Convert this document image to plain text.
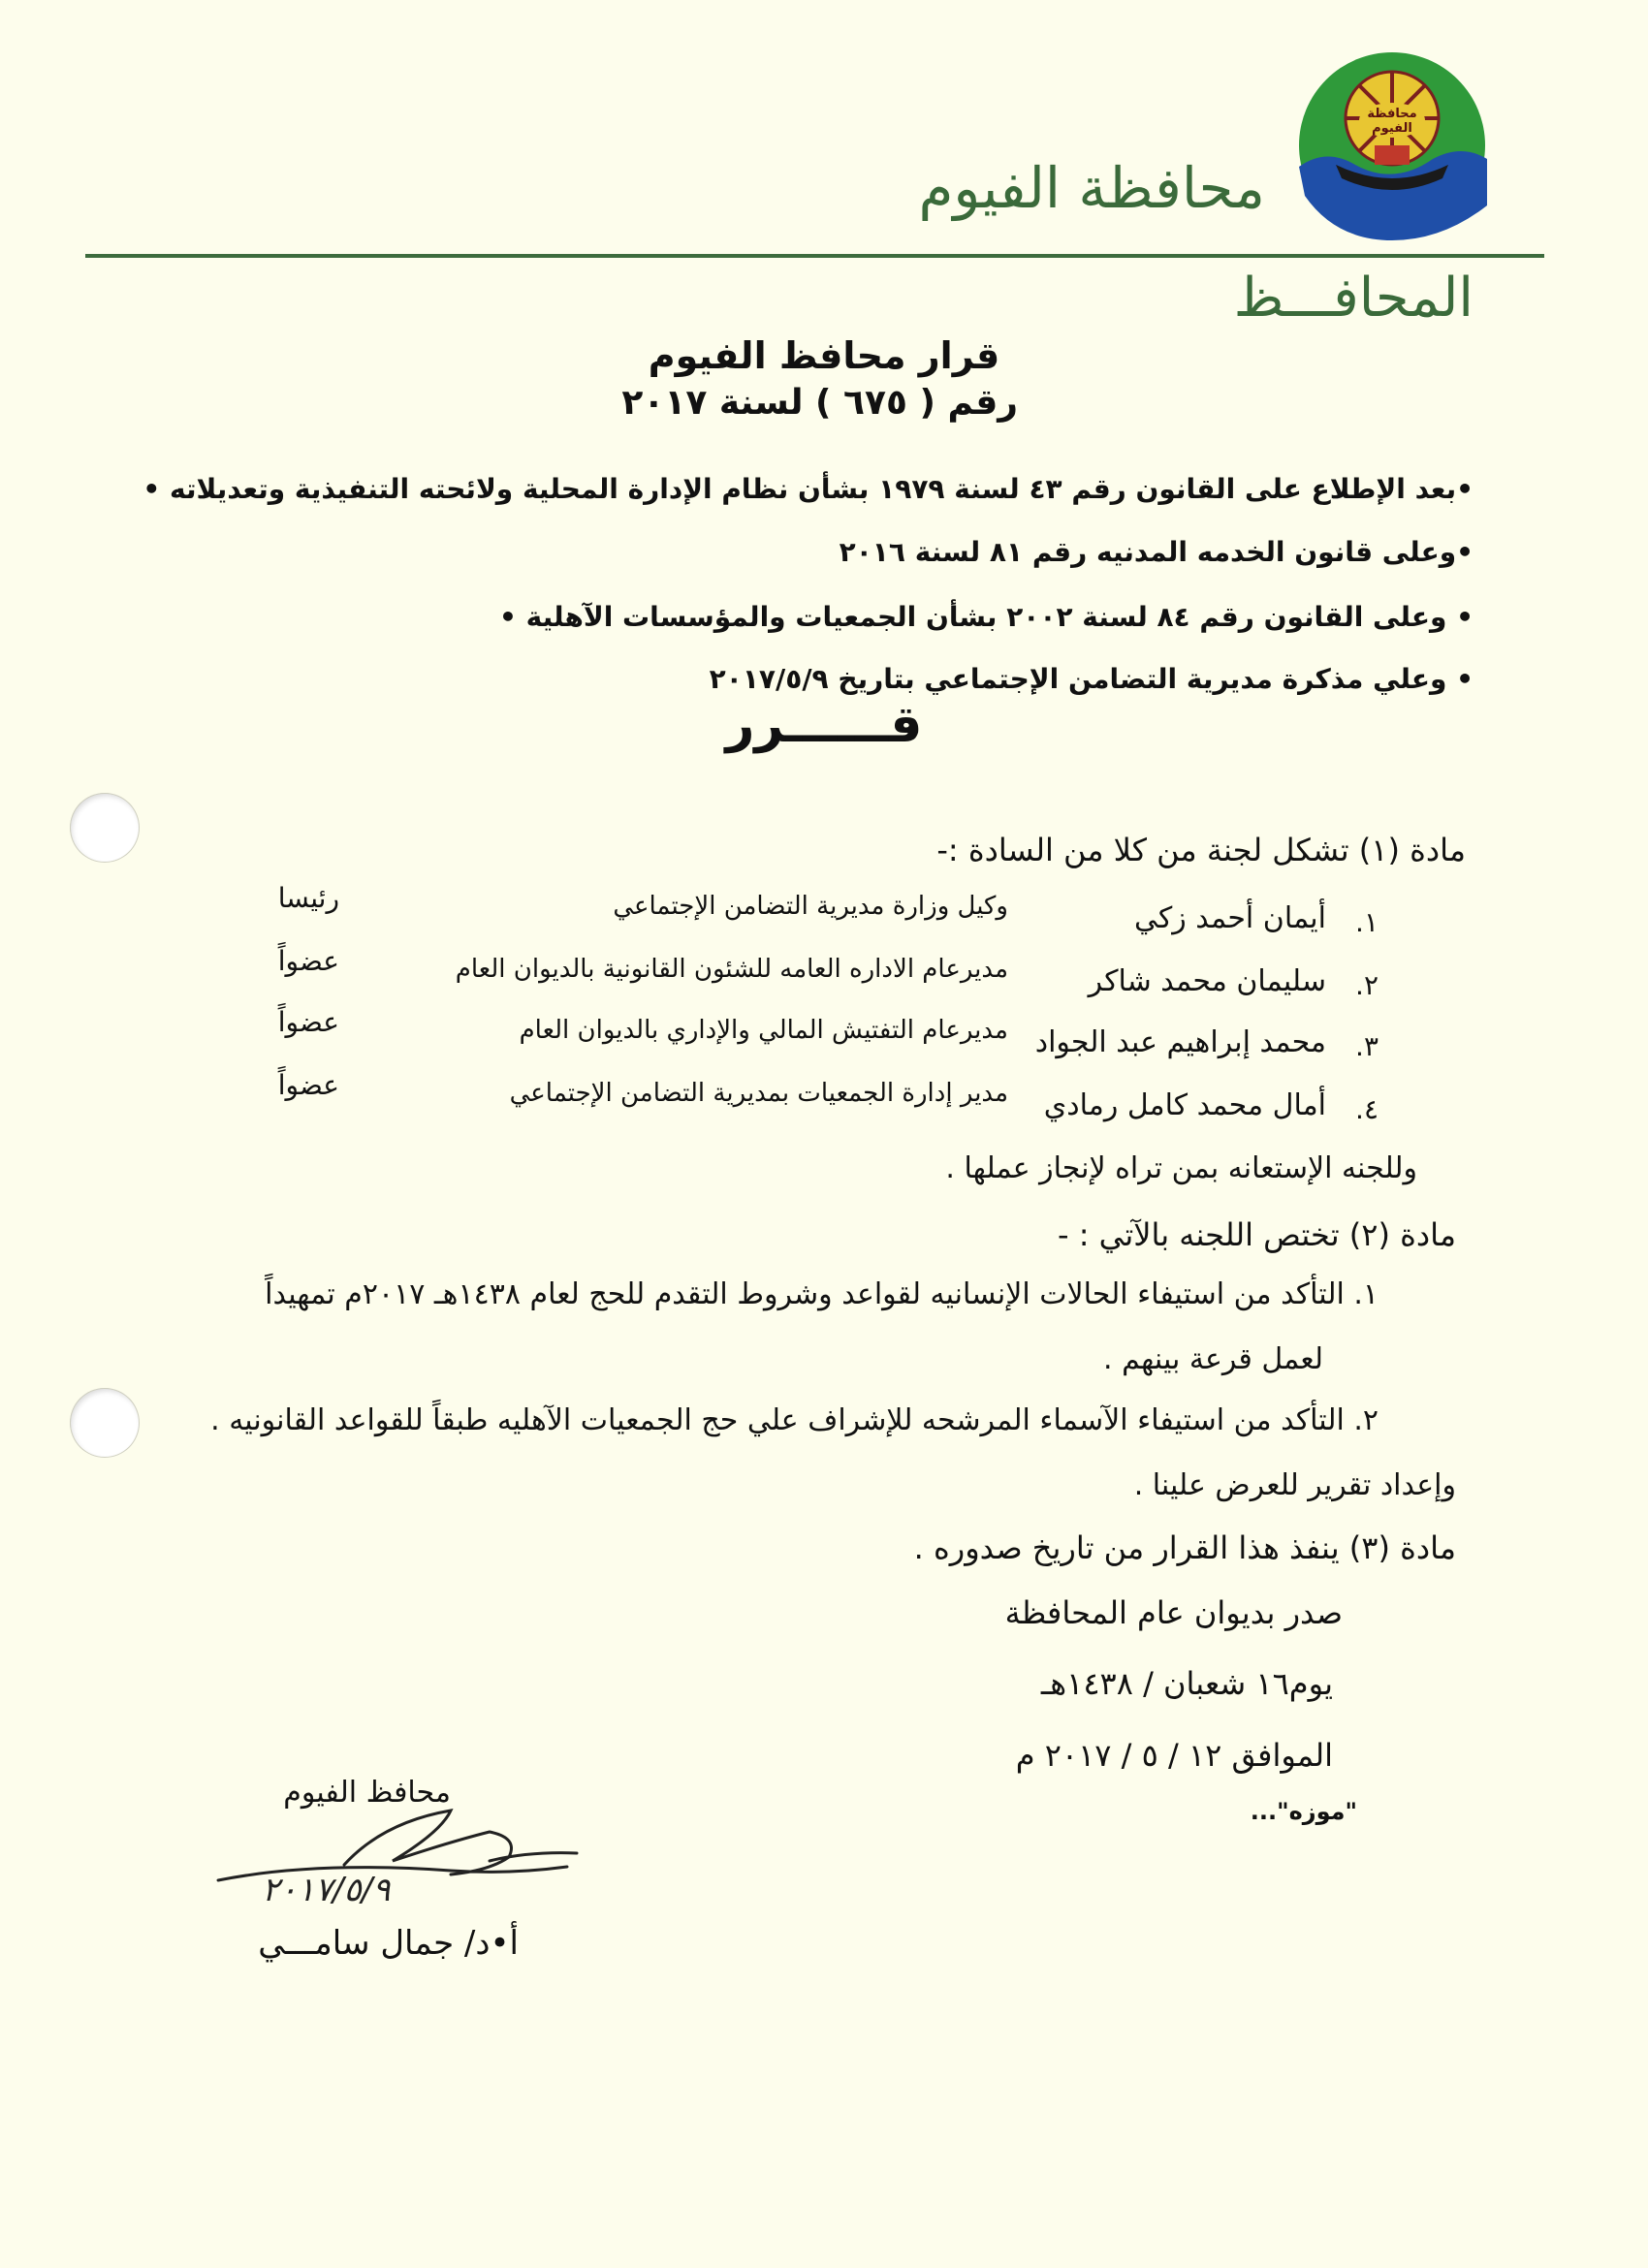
محافظة الفيوم
محافظة الفيوم
المحافـــظ
قرار محافظ الفيوم
رقم ( ٦٧٥ ) لسنة ٢٠١٧
•بعد الإطلاع على القانون رقم ٤٣ لسنة ١٩٧٩ بشأن نظام الإدارة المحلية ولائحته التنفيذية وتعديلاته •
•وعلى قانون الخدمه المدنيه رقم ٨١ لسنة ٢٠١٦
• وعلى القانون رقم ٨٤ لسنة ٢٠٠٢ بشأن الجمعيات والمؤسسات الآهلية •
• وعلي مذكرة مديرية التضامن الإجتماعي بتاريخ ٢٠١٧/٥/٩
قــــــرر
مادة (١) تشكل لجنة من كلا من السادة :-
١.
أيمان أحمد زكي
وكيل وزارة مديرية التضامن الإجتماعي
رئيسا
٢.
سليمان محمد شاكر
مديرعام الاداره العامه للشئون القانونية بالديوان العام
عضواً
٣.
محمد إبراهيم عبد الجواد
مديرعام التفتيش المالي والإداري بالديوان العام
عضواً
٤.
أمال محمد كامل رمادي
مدير إدارة الجمعيات بمديرية التضامن الإجتماعي
عضواً
وللجنه الإستعانه بمن تراه لإنجاز عملها .
مادة (٢) تختص اللجنه بالآتي : -
١. التأكد من استيفاء الحالات الإنسانيه لقواعد وشروط التقدم للحج لعام ١٤٣٨هـ ٢٠١٧م تمهيداً
لعمل قرعة بينهم .
٢. التأكد من استيفاء الآسماء المرشحه للإشراف علي حج الجمعيات الآهليه طبقاً للقواعد القانونيه .
وإعداد تقرير للعرض علينا .
مادة (٣) ينفذ هذا القرار من تاريخ صدوره .
صدر بديوان عام المحافظة
يوم١٦ شعبان / ١٤٣٨هـ
الموافق ١٢ / ٥ / ٢٠١٧ م
"موزه"...
محافظ الفيوم
٢٠١٧/٥/٩
أ•د/ جمال سامـــي
